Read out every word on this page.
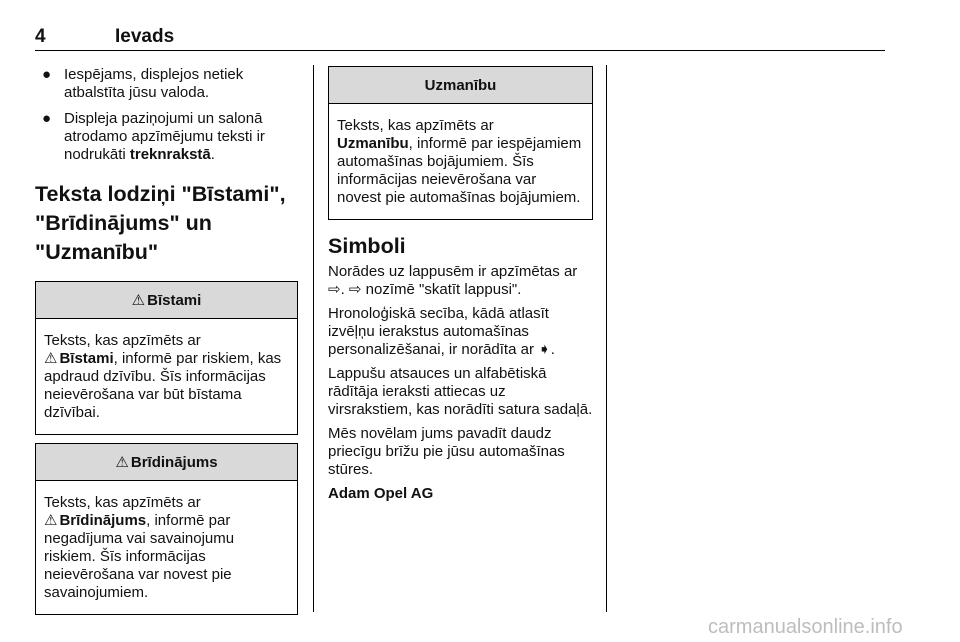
4	Ievads
● Iespējams, displejos netiek atbalstīta jūsu valoda.
● Displeja paziņojumi un salonā atrodamo apzīmējumu teksti ir nodrukāti treknrakstā.
Teksta lodziņi "Bīstami",
"Brīdinājums" un
"Uzmanību"
⚠ Bīstami
Teksts, kas apzīmēts ar
⚠ Bīstami, informē par riskiem, kas apdraud dzīvību. Šīs informācijas neievērošana var būt bīstama dzīvībai.
⚠ Brīdinājums
Teksts, kas apzīmēts ar
⚠ Brīdinājums, informē par negadījuma vai savainojumu riskiem. Šīs informācijas neievērošana var novest pie savainojumiem.
Uzmanību
Teksts, kas apzīmēts ar
Uzmanību, informē par iespējamiem automašīnas bojājumiem. Šīs informācijas neievērošana var novest pie automašīnas bojājumiem.
Simboli

Norādes uz lappusēm ir apzīmētas ar ⇨. ⇨ nozīmē "skatīt lappusi".

Hronoloģiskā secība, kādā atlasīt izvēļņu ierakstus automašīnas personalizēšanai, ir norādīta ar ➧.

Lappušu atsauces un alfabētiskā rādītāja ieraksti attiecas uz virsrakstiem, kas norādīti satura sadaļā.

Mēs novēlam jums pavadīt daudz priecīgu brīžu pie jūsu automašīnas stūres.

Adam Opel AG
carmanualsonline.info
